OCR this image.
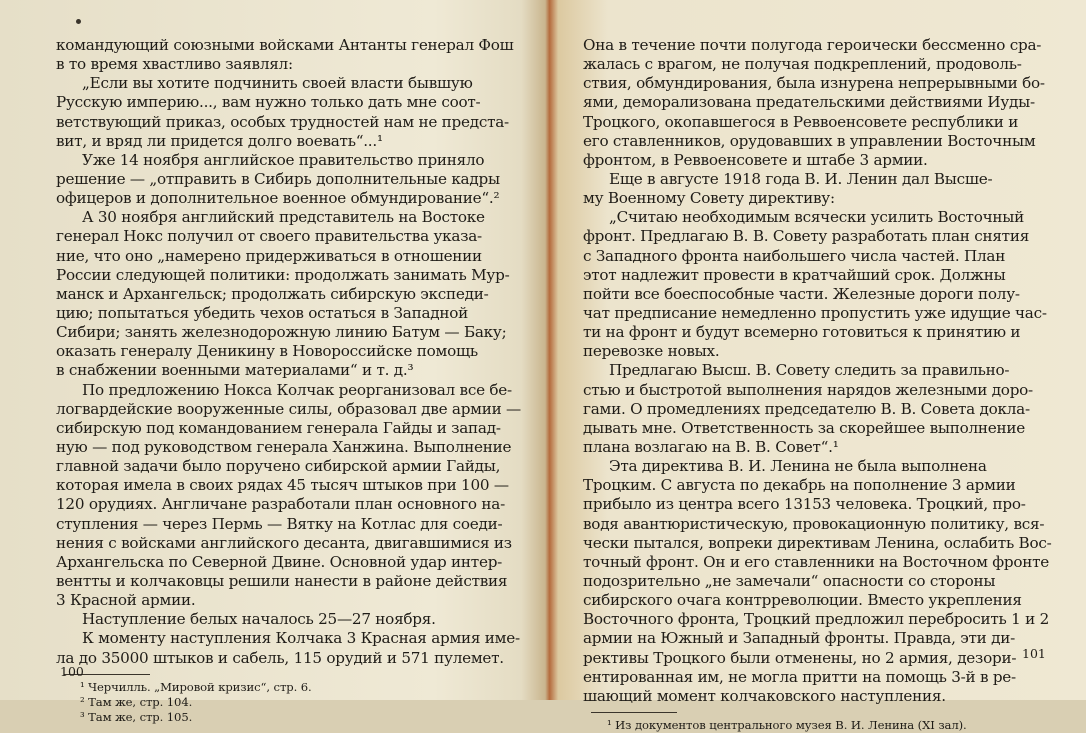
командующий союзными войсками Антанты генерал Фош
в то время хвастливо заявлял:
„Если вы хотите подчинить своей власти бывшую
Русскую империю..., вам нужно только дать мне соот-
ветствующий приказ, особых трудностей нам не предста-
вит, и вряд ли придется долго воевать“...¹
Уже 14 ноября английское правительство приняло
решение — „отправить в Сибирь дополнительные кадры
офицеров и дополнительное военное обмундирование“.²
А 30 ноября английский представитель на Востоке
генерал Нокс получил от своего правительства указа-
ние, что оно „намерено придерживаться в отношении
России следующей политики: продолжать занимать Мур-
манск и Архангельск; продолжать сибирскую экспеди-
цию; попытаться убедить чехов остаться в Западной
Сибири; занять железнодорожную линию Батум — Баку;
оказать генералу Деникину в Новороссийске помощь
в снабжении военными материалами“ и т. д.³
По предложению Нокса Колчак реорганизовал все бе-
логвардейские вооруженные силы, образовал две армии —
сибирскую под командованием генерала Гайды и запад-
ную — под руководством генерала Ханжина. Выполнение
главной задачи было поручено сибирской армии Гайды,
которая имела в своих рядах 45 тысяч штыков при 100 —
120 орудиях. Англичане разработали план основного на-
ступления — через Пермь — Вятку на Котлас для соеди-
нения с войсками английского десанта, двигавшимися из
Архангельска по Северной Двине. Основной удар интер-
вентты и колчаковцы решили нанести в районе действия
3 Красной армии.
Наступление белых началось 25—27 ноября.
К моменту наступления Колчака 3 Красная армия име-
ла до 35000 штыков и сабель, 115 орудий и 571 пулемет.
¹ Черчилль. „Мировой кризис“, стр. 6.
² Там же, стр. 104.
³ Там же, стр. 105.
100
Она в течение почти полугода героически бессменно сра-
жалась с врагом, не получая подкреплений, продоволь-
ствия, обмундирования, была изнурена непрерывными бо-
ями, деморализована предательскими действиями Иуды-
Троцкого, окопавшегося в Реввоенсовете республики и
его ставленников, орудовавших в управлении Восточным
фронтом, в Реввоенсовете и штабе 3 армии.
Еще в августе 1918 года В. И. Ленин дал Высше-
му Военному Совету директиву:
„Считаю необходимым всячески усилить Восточный
фронт. Предлагаю В. В. Совету разработать план снятия
с Западного фронта наибольшего числа частей. План
этот надлежит провести в кратчайший срок. Должны
пойти все боеспособные части. Железные дороги полу-
чат предписание немедленно пропустить уже идущие час-
ти на фронт и будут всемерно готовиться к принятию и
перевозке новых.
Предлагаю Высш. В. Совету следить за правильно-
стью и быстротой выполнения нарядов железными доро-
гами. О промедлениях председателю В. В. Совета докла-
дывать мне. Ответственность за скорейшее выполнение
плана возлагаю на В. В. Совет“.¹
Эта директива В. И. Ленина не была выполнена
Троцким. С августа по декабрь на пополнение 3 армии
прибыло из центра всего 13153 человека. Троцкий, про-
водя авантюристическую, провокационную политику, вся-
чески пытался, вопреки директивам Ленина, ослабить Вос-
точный фронт. Он и его ставленники на Восточном фронте
подозрительно „не замечали“ опасности со стороны
сибирского очага контрреволюции. Вместо укрепления
Восточного фронта, Троцкий предложил перебросить 1 и 2
армии на Южный и Западный фронты. Правда, эти ди-
рективы Троцкого были отменены, но 2 армия, дезори-
ентированная им, не могла притти на помощь 3-й в ре-
шающий момент колчаковского наступления.
¹ Из документов центрального музея В. И. Ленина (XI зал).
101
